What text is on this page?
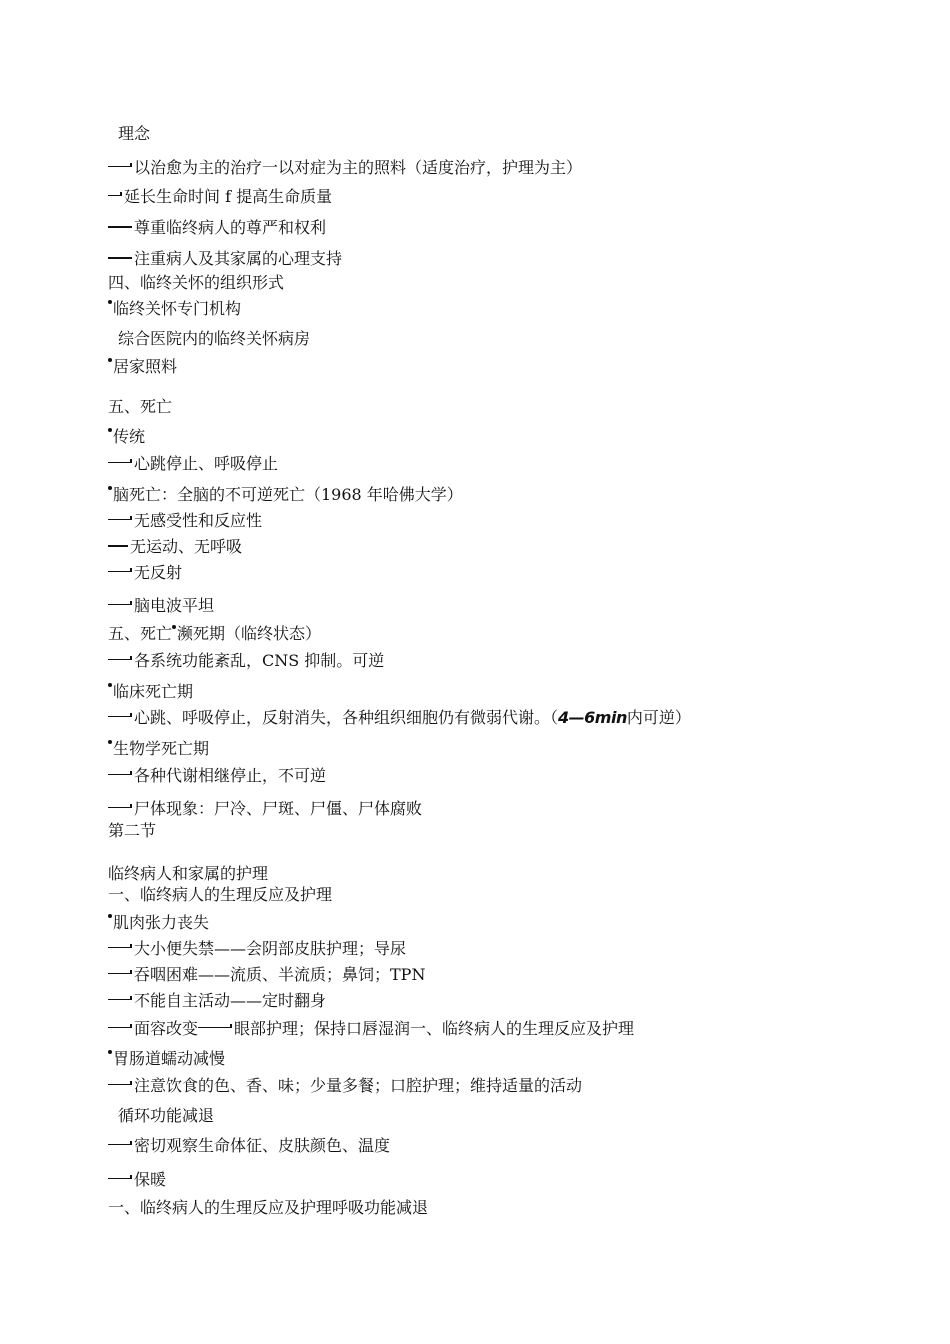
理念
以治愈为主的治疗一以对症为主的照料（适度治疗，护理为主）
延长生命时间 f 提高生命质量
尊重临终病人的尊严和权利
注重病人及其家属的心理支持
四、临终关怀的组织形式
临终关怀专门机构
综合医院内的临终关怀病房
居家照料
五、死亡
传统
心跳停止、呼吸停止
脑死亡：全脑的不可逆死亡（1968 年哈佛大学）
无感受性和反应性
无运动、无呼吸
无反射
脑电波平坦
五、死亡 濒死期（临终状态）
各系统功能紊乱，CNS 抑制。可逆
临床死亡期
心跳、呼吸停止，反射消失，各种组织细胞仍有微弱代谢。（4—6min内可逆）
生物学死亡期
各种代谢相继停止，不可逆
尸体现象：尸冷、尸斑、尸僵、尸体腐败
第二节
临终病人和家属的护理
一、临终病人的生理反应及护理
肌肉张力丧失
大小便失禁——会阴部皮肤护理；导尿
吞咽困难——流质、半流质；鼻饲；TPN
不能自主活动——定时翻身
面容改变 眼部护理；保持口唇湿润一、临终病人的生理反应及护理
胃肠道蠕动减慢
注意饮食的色、香、味；少量多餐；口腔护理；维持适量的活动
循环功能减退
密切观察生命体征、皮肤颜色、温度
保暖
一、临终病人的生理反应及护理呼吸功能减退
